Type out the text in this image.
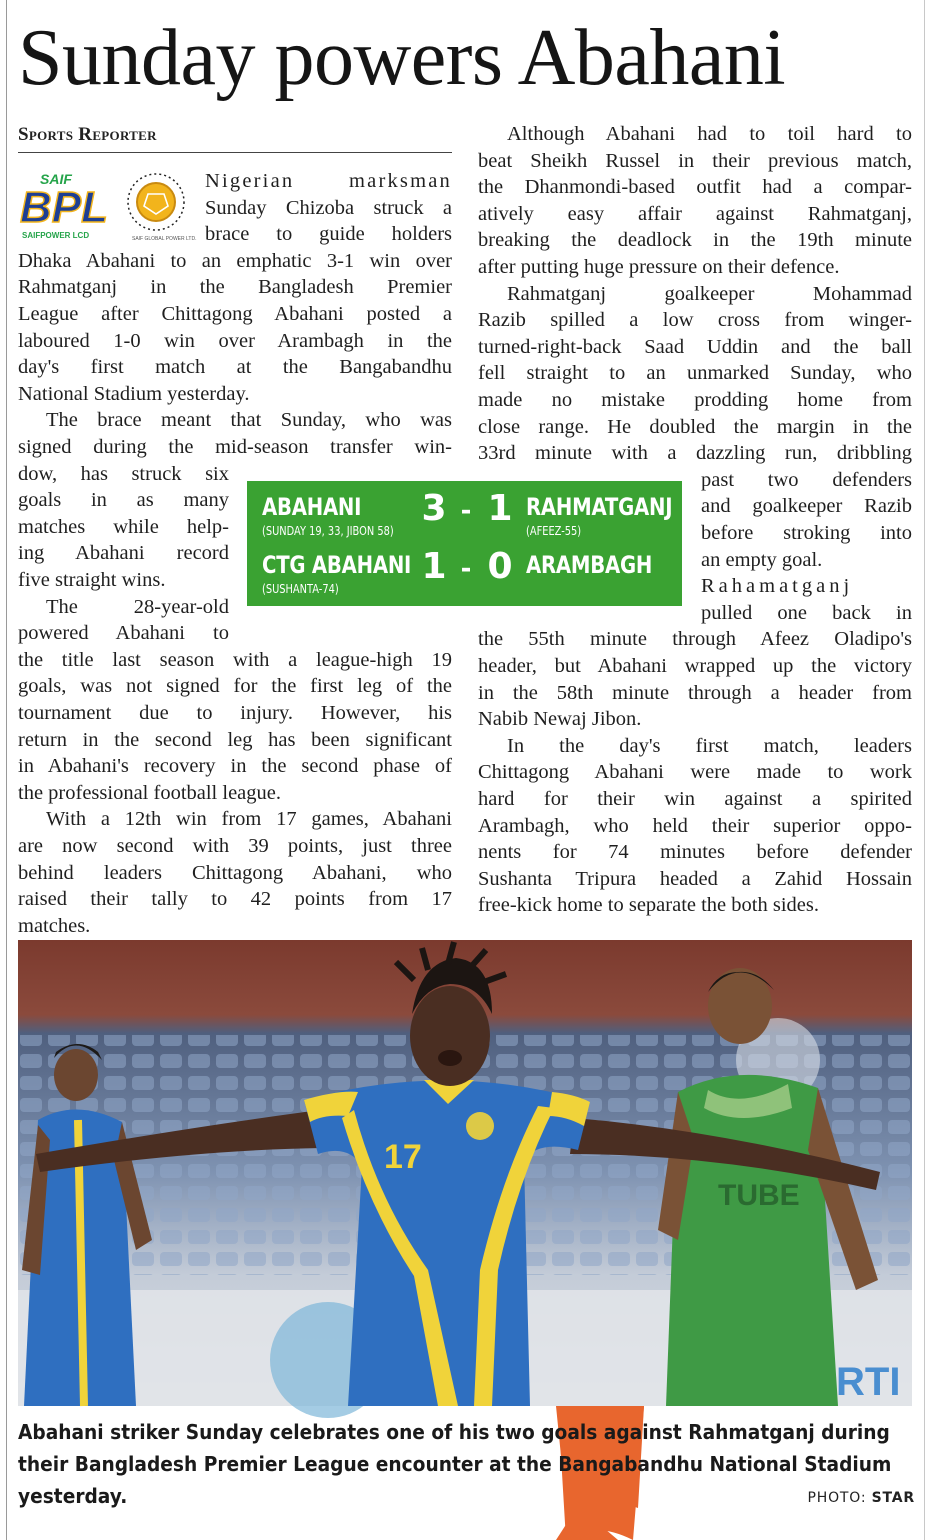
Sunday powers Abahani
Sports Reporter
SAIF
BPL
SAIFPOWER LCD	SAIF GLOBAL POWER LTD.
Nigerian marksman
Sunday Chizoba struck a
brace to guide holders
Dhaka Abahani to an emphatic 3-1 win over
Rahmatganj in the Bangladesh Premier
League after Chittagong Abahani posted a
laboured 1-0 win over Arambagh in the
day's first match at the Bangabandhu
National Stadium yesterday.
The brace meant that Sunday, who was
signed during the mid-season transfer win-
dow, has struck six
goals in as many
matches while help-
ing Abahani record
five straight wins.
The 28-year-old
powered Abahani to
the title last season with a league-high 19
goals, was not signed for the first leg of the
tournament due to injury. However, his
return in the second leg has been significant
in Abahani's recovery in the second phase of
the professional football league.
With a 12th win from 17 games, Abahani
are now second with 39 points, just three
behind leaders Chittagong Abahani, who
raised their tally to 42 points from 17
matches.
Although Abahani had to toil hard to
beat Sheikh Russel in their previous match,
the Dhanmondi-based outfit had a compar-
atively easy affair against Rahmatganj,
breaking the deadlock in the 19th minute
after putting huge pressure on their defence.
Rahmatganj goalkeeper Mohammad
Razib spilled a low cross from winger-
turned-right-back Saad Uddin and the ball
fell straight to an unmarked Sunday, who
made no mistake prodding home from
close range. He doubled the margin in the
33rd minute with a dazzling run, dribbling
past two defenders
and goalkeeper Razib
before stroking into
an empty goal.
Rahamatganj
pulled one back in
the 55th minute through Afeez Oladipo's
header, but Abahani wrapped up the victory
in the 58th minute through a header from
Nabib Newaj Jibon.
In the day's first match, leaders
Chittagong Abahani were made to work
hard for their win against a spirited
Arambagh, who held their superior oppo-
nents for 74 minutes before defender
Sushanta Tripura headed a Zahid Hossain
free-kick home to separate the both sides.
ABAHANI 3 - 1 RAHMATGANJ
(SUNDAY 19, 33, JIBON 58)	(AFEEZ-55)
CTG ABAHANI 1 - 0 ARAMBAGH
(SUSHANTA-74)
RTI
TUBE
17
Abahani striker Sunday celebrates one of his two goals against Rahmatganj during
their Bangladesh Premier League encounter at the Bangabandhu National Stadium
yesterday.	PHOTO: STAR
